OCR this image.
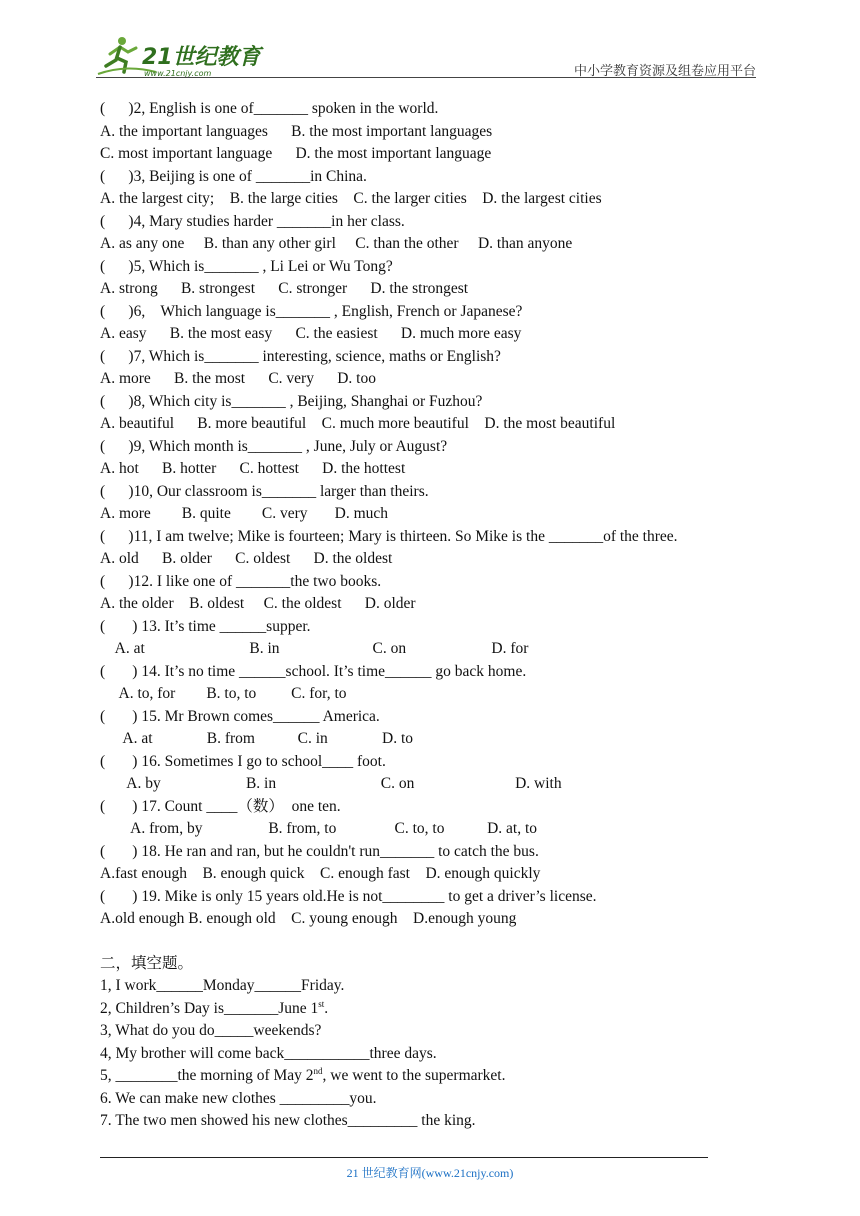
21世纪教育
www.21cnjy.com	中小学教育资源及组卷应用平台
(      )2, English is one of_______ spoken in the world.
A. the important languages      B. the most important languages
C. most important language      D. the most important language
(      )3, Beijing is one of _______in China.
A. the largest city;    B. the large cities    C. the larger cities    D. the largest cities
(      )4, Mary studies harder _______in her class.
A. as any one     B. than any other girl     C. than the other     D. than anyone
(      )5, Which is_______ , Li Lei or Wu Tong?
A. strong      B. strongest      C. stronger      D. the strongest
(      )6,    Which language is_______ , English, French or Japanese?
A. easy      B. the most easy      C. the easiest      D. much more easy
(      )7, Which is_______ interesting, science, maths or English?
A. more      B. the most      C. very      D. too
(      )8, Which city is_______ , Beijing, Shanghai or Fuzhou?
A. beautiful      B. more beautiful    C. much more beautiful    D. the most beautiful
(      )9, Which month is_______ , June, July or August?
A. hot      B. hotter      C. hottest      D. the hottest
(      )10, Our classroom is_______ larger than theirs.
A. more        B. quite        C. very       D. much
(      )11, I am twelve; Mike is fourteen; Mary is thirteen. So Mike is the _______of the three.
A. old      B. older      C. oldest      D. the oldest
(      )12. I like one of _______the two books.
A. the older    B. oldest     C. the oldest      D. older
(       ) 13. It’s time ______supper.
A. at                           B. in                        C. on                      D. for
(       ) 14. It’s no time ______school. It’s time______ go back home.
A. to, for        B. to, to         C. for, to
(       ) 15. Mr Brown comes______ America.
A. at              B. from           C. in              D. to
(       ) 16. Sometimes I go to school____ foot.
A. by                      B. in                           C. on                          D. with
(       ) 17. Count ____（数）  one ten.
A. from, by                 B. from, to               C. to, to           D. at, to
(       ) 18. He ran and ran, but he couldn't run_______ to catch the bus.
A.fast enough    B. enough quick    C. enough fast    D. enough quickly
(       ) 19. Mike is only 15 years old.He is not________ to get a driver’s license.
A.old enough B. enough old    C. young enough    D.enough young
二，填空题。
1, I work______Monday______Friday.
2, Children’s Day is_______June 1st.
3, What do you do_____weekends?
4, My brother will come back___________three days.
5, ________the morning of May 2nd, we went to the supermarket.
6. We can make new clothes _________you.
7. The two men showed his new clothes_________ the king.
21 世纪教育网(www.21cnjy.com)
